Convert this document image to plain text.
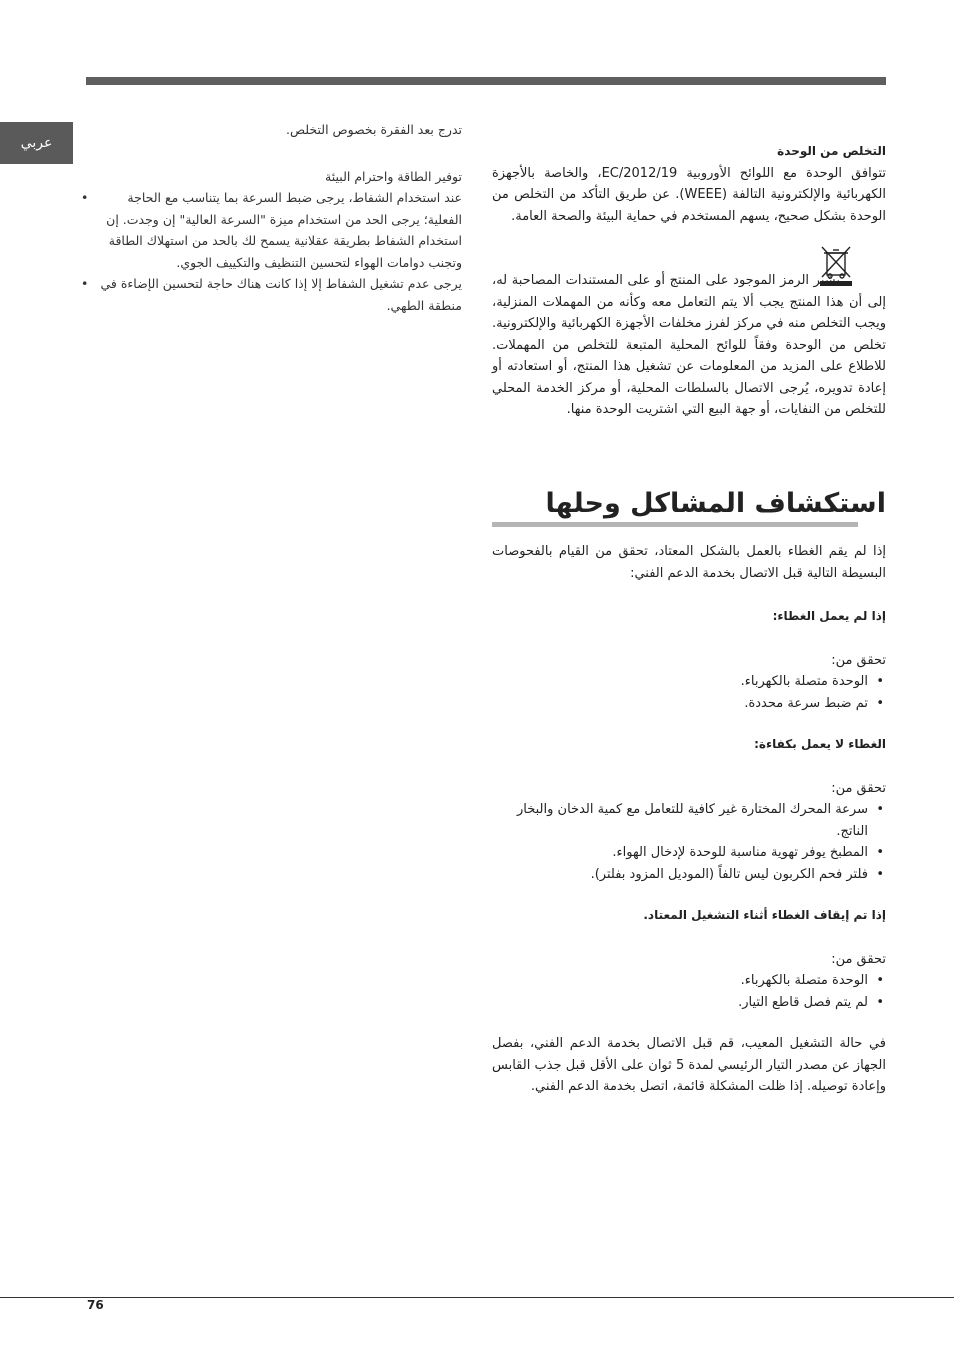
عربي	التخلص من الوحدة

تتوافق الوحدة مع اللوائح الأوروبية 2012/19/EC، والخاصة بالأجهزة الكهربائية والإلكترونية التالفة (WEEE). عن طريق التأكد من التخلص من الوحدة بشكل صحيح، يسهم المستخدم في حماية البيئة والصحة العامة.

يشير الرمز الموجود على المنتج أو على المستندات المصاحبة له، إلى أن هذا المنتج يجب ألا يتم التعامل معه وكأنه من المهملات المنزلية، ويجب التخلص منه في مركز لفرز مخلفات الأجهزة الكهربائية والإلكترونية. تخلص من الوحدة وفقاً للوائح المحلية المتبعة للتخلص من المهملات. للاطلاع على المزيد من المعلومات عن تشغيل هذا المنتج، أو استعادته أو إعادة تدويره، يُرجى الاتصال بالسلطات المحلية، أو مركز الخدمة المحلي للتخلص من النفايات، أو جهة البيع التي اشتريت الوحدة منها.

استكشاف المشاكل وحلها

إذا لم يقم الغطاء بالعمل بالشكل المعتاد، تحقق من القيام بالفحوصات البسيطة التالية قبل الاتصال بخدمة الدعم الفني:

إذا لم يعمل الغطاء:
تحقق من:
• الوحدة متصلة بالكهرباء.
• تم ضبط سرعة محددة.
الغطاء لا يعمل بكفاءة:
تحقق من:
• سرعة المحرك المختارة غير كافية للتعامل مع كمية الدخان والبخار الناتج.
• المطبخ يوفر تهوية مناسبة للوحدة لإدخال الهواء.
• فلتر فحم الكربون ليس تالفاً (الموديل المزود بفلتر).
إذا تم إيقاف الغطاء أثناء التشغيل المعتاد.
تحقق من:
• الوحدة متصلة بالكهرباء.
• لم يتم فصل قاطع التيار.

في حالة التشغيل المعيب، قم قبل الاتصال بخدمة الدعم الفني، بفصل الجهاز عن مصدر التيار الرئيسي لمدة 5 ثوان على الأقل قبل جذب القابس وإعادة توصيله. إذا ظلت المشكلة قائمة، اتصل بخدمة الدعم الفني.

تدرج بعد الفقرة بخصوص التخلص.
توفير الطاقة واحترام البيئة
• عند استخدام الشفاط، يرجى ضبط السرعة بما يتناسب مع الحاجة الفعلية؛ يرجى الحد من استخدام ميزة "السرعة العالية" إن وجدت. إن استخدام الشفاط بطريقة عقلانية يسمح لك بالحد من استهلاك الطاقة وتجنب دوامات الهواء لتحسين التنظيف والتكييف الجوي.
• يرجى عدم تشغيل الشفاط إلا إذا كانت هناك حاجة لتحسين الإضاءة في منطقة الطهي.
76
